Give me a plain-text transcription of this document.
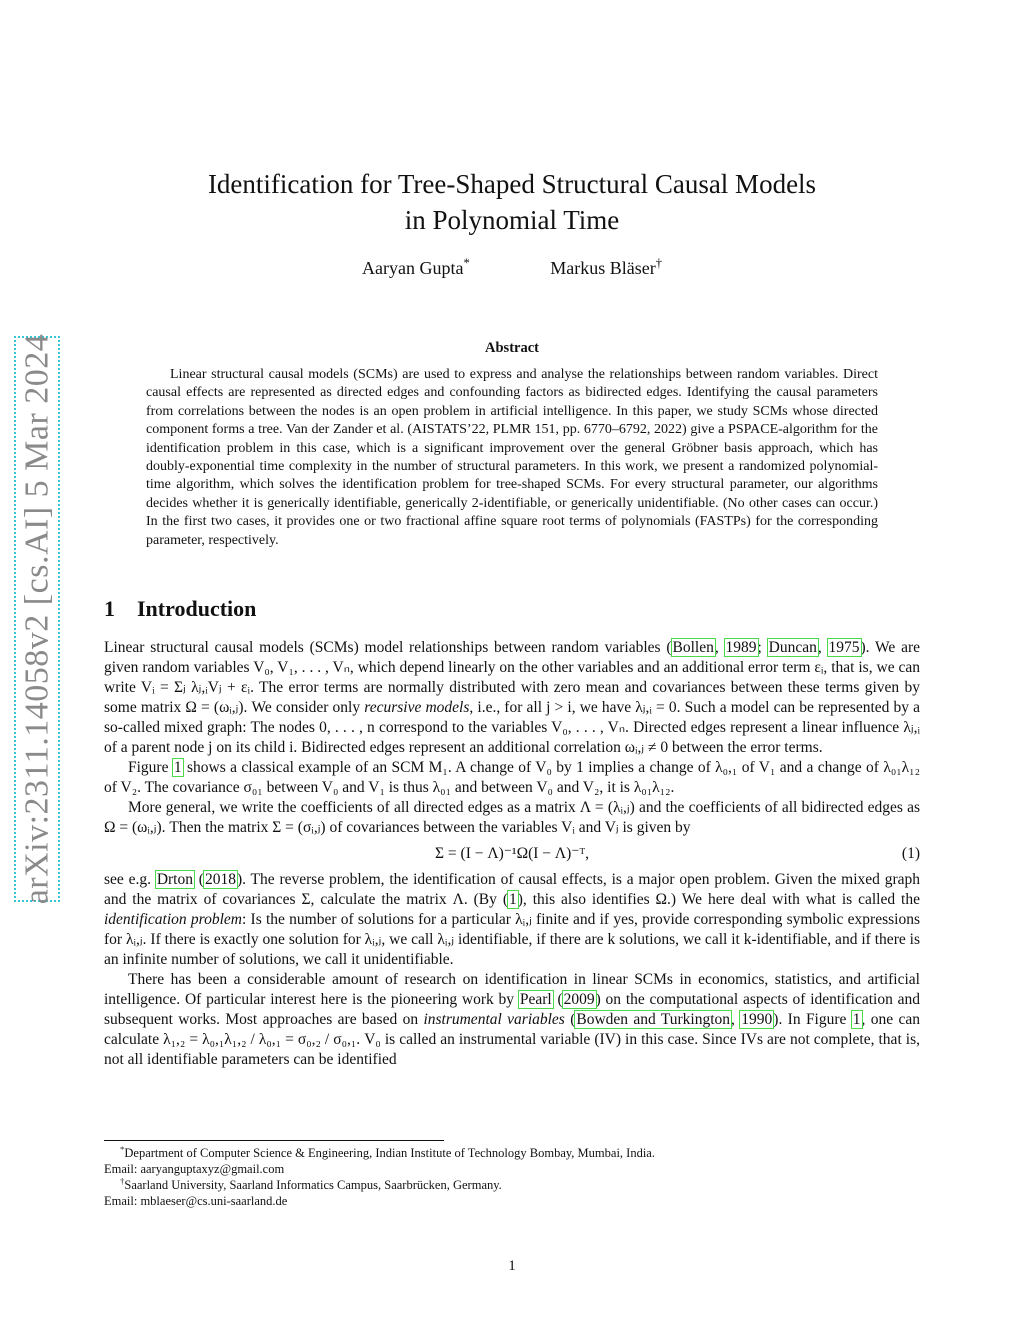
arXiv:2311.14058v2 [cs.AI] 5 Mar 2024
Identification for Tree-Shaped Structural Causal Models
in Polynomial Time
Aaryan Gupta*	Markus Bläser†
Abstract

Linear structural causal models (SCMs) are used to express and analyse the relationships between random variables. Direct causal effects are represented as directed edges and confounding factors as bidirected edges. Identifying the causal parameters from correlations between the nodes is an open problem in artificial intelligence. In this paper, we study SCMs whose directed component forms a tree. Van der Zander et al. (AISTATS’22, PLMR 151, pp. 6770–6792, 2022) give a PSPACE-algorithm for the identification problem in this case, which is a significant improvement over the general Gröbner basis approach, which has doubly-exponential time complexity in the number of structural parameters. In this work, we present a randomized polynomial-time algorithm, which solves the identification problem for tree-shaped SCMs. For every structural parameter, our algorithms decides whether it is generically identifiable, generically 2-identifiable, or generically unidentifiable. (No other cases can occur.) In the first two cases, it provides one or two fractional affine square root terms of polynomials (FASTPs) for the corresponding parameter, respectively.

1 Introduction

Linear structural causal models (SCMs) model relationships between random variables (Bollen, 1989; Duncan, 1975). We are given random variables V₀, V₁, . . . , Vₙ, which depend linearly on the other variables and an additional error term εᵢ, that is, we can write Vᵢ = Σⱼ λⱼ,ᵢVⱼ + εᵢ. The error terms are normally distributed with zero mean and covariances between these terms given by some matrix Ω = (ωᵢ,ⱼ). We consider only recursive models, i.e., for all j > i, we have λⱼ,ᵢ = 0. Such a model can be represented by a so-called mixed graph: The nodes 0, . . . , n correspond to the variables V₀, . . . , Vₙ. Directed edges represent a linear influence λⱼ,ᵢ of a parent node j on its child i. Bidirected edges represent an additional correlation ωᵢ,ⱼ ≠ 0 between the error terms.

Figure 1 shows a classical example of an SCM M₁. A change of V₀ by 1 implies a change of λ₀,₁ of V₁ and a change of λ₀₁λ₁₂ of V₂. The covariance σ₀₁ between V₀ and V₁ is thus λ₀₁ and between V₀ and V₂, it is λ₀₁λ₁₂.

More general, we write the coefficients of all directed edges as a matrix Λ = (λᵢ,ⱼ) and the coefficients of all bidirected edges as Ω = (ωᵢ,ⱼ). Then the matrix Σ = (σᵢ,ⱼ) of covariances between the variables Vᵢ and Vⱼ is given by

Σ = (I − Λ)⁻¹Ω(I − Λ)⁻ᵀ,	(1)

see e.g. Drton (2018). The reverse problem, the identification of causal effects, is a major open problem. Given the mixed graph and the matrix of covariances Σ, calculate the matrix Λ. (By (1), this also identifies Ω.) We here deal with what is called the identification problem: Is the number of solutions for a particular λᵢ,ⱼ finite and if yes, provide corresponding symbolic expressions for λᵢ,ⱼ. If there is exactly one solution for λᵢ,ⱼ, we call λᵢ,ⱼ identifiable, if there are k solutions, we call it k-identifiable, and if there is an infinite number of solutions, we call it unidentifiable.

There has been a considerable amount of research on identification in linear SCMs in economics, statistics, and artificial intelligence. Of particular interest here is the pioneering work by Pearl (2009) on the computational aspects of identification and subsequent works. Most approaches are based on instrumental variables (Bowden and Turkington, 1990). In Figure 1, one can calculate λ₁,₂ = λ₀,₁λ₁,₂ / λ₀,₁ = σ₀,₂ / σ₀,₁. V₀ is called an instrumental variable (IV) in this case. Since IVs are not complete, that is, not all identifiable parameters can be identified

*Department of Computer Science & Engineering, Indian Institute of Technology Bombay, Mumbai, India.

Email: aaryanguptaxyz@gmail.com

†Saarland University, Saarland Informatics Campus, Saarbrücken, Germany.

Email: mblaeser@cs.uni-saarland.de

1
